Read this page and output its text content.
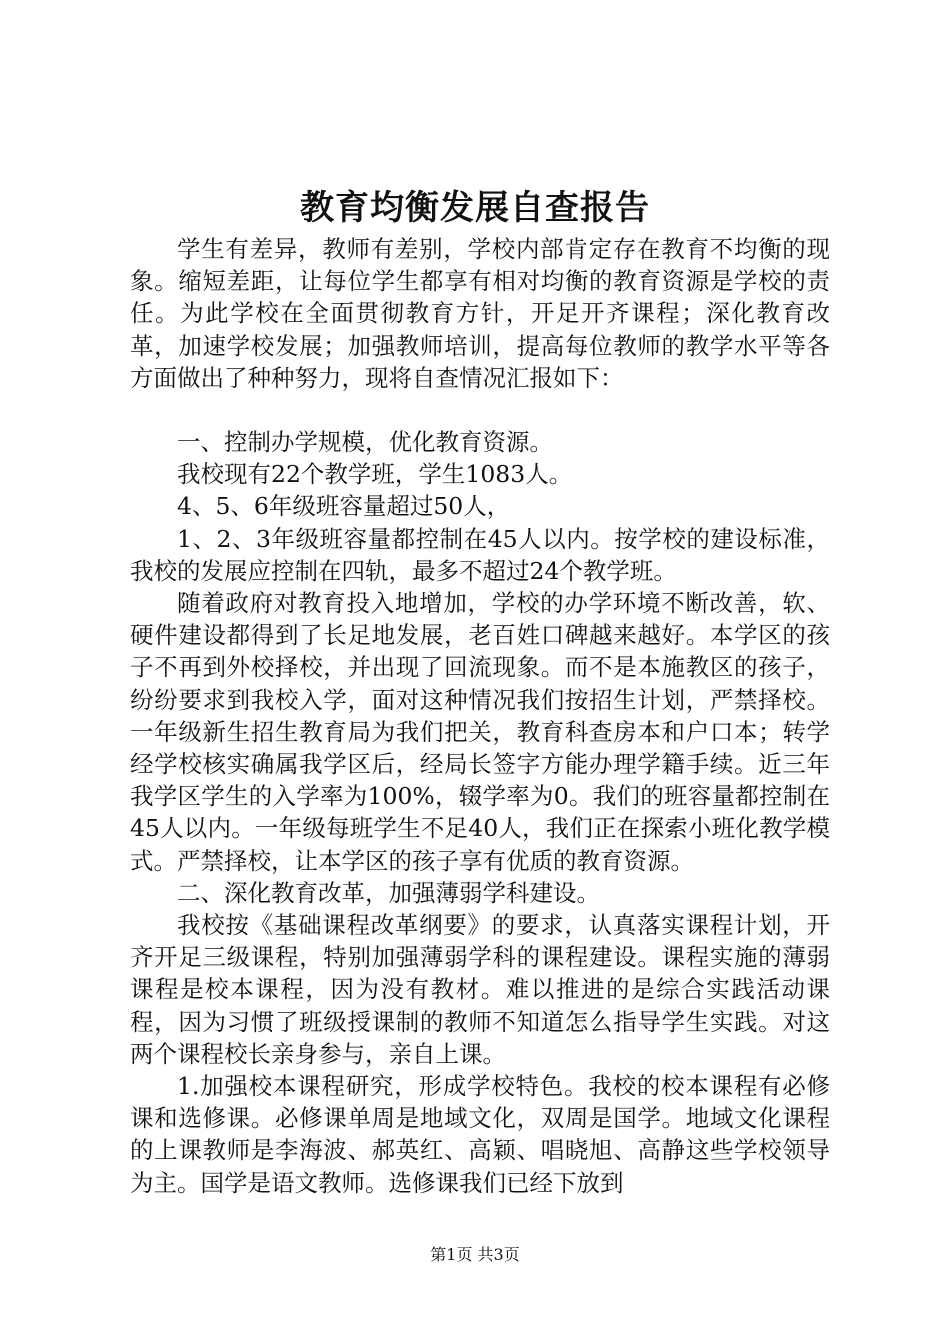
教育均衡发展自查报告

学生有差异，教师有差别，学校内部肯定存在教育不均衡的现象。缩短差距，让每位学生都享有相对均衡的教育资源是学校的责任。为此学校在全面贯彻教育方针，开足开齐课程；深化教育改革，加速学校发展；加强教师培训，提高每位教师的教学水平等各方面做出了种种努力，现将自查情况汇报如下：

一、控制办学规模，优化教育资源。

我校现有22个教学班，学生1083人。

4、5、6年级班容量超过50人，

1、2、3年级班容量都控制在45人以内。按学校的建设标准，我校的发展应控制在四轨，最多不超过24个教学班。

随着政府对教育投入地增加，学校的办学环境不断改善，软、硬件建设都得到了长足地发展，老百姓口碑越来越好。本学区的孩子不再到外校择校，并出现了回流现象。而不是本施教区的孩子，纷纷要求到我校入学，面对这种情况我们按招生计划，严禁择校。一年级新生招生教育局为我们把关，教育科查房本和户口本；转学经学校核实确属我学区后，经局长签字方能办理学籍手续。近三年我学区学生的入学率为100%，辍学率为0。我们的班容量都控制在45人以内。一年级每班学生不足40人，我们正在探索小班化教学模式。严禁择校，让本学区的孩子享有优质的教育资源。

二、深化教育改革，加强薄弱学科建设。

我校按《基础课程改革纲要》的要求，认真落实课程计划，开齐开足三级课程，特别加强薄弱学科的课程建设。课程实施的薄弱课程是校本课程，因为没有教材。难以推进的是综合实践活动课程，因为习惯了班级授课制的教师不知道怎么指导学生实践。对这两个课程校长亲身参与，亲自上课。

1.加强校本课程研究，形成学校特色。我校的校本课程有必修课和选修课。必修课单周是地域文化，双周是国学。地域文化课程的上课教师是李海波、郝英红、高颖、唱晓旭、高静这些学校领导为主。国学是语文教师。选修课我们已经下放到

第1页 共3页
